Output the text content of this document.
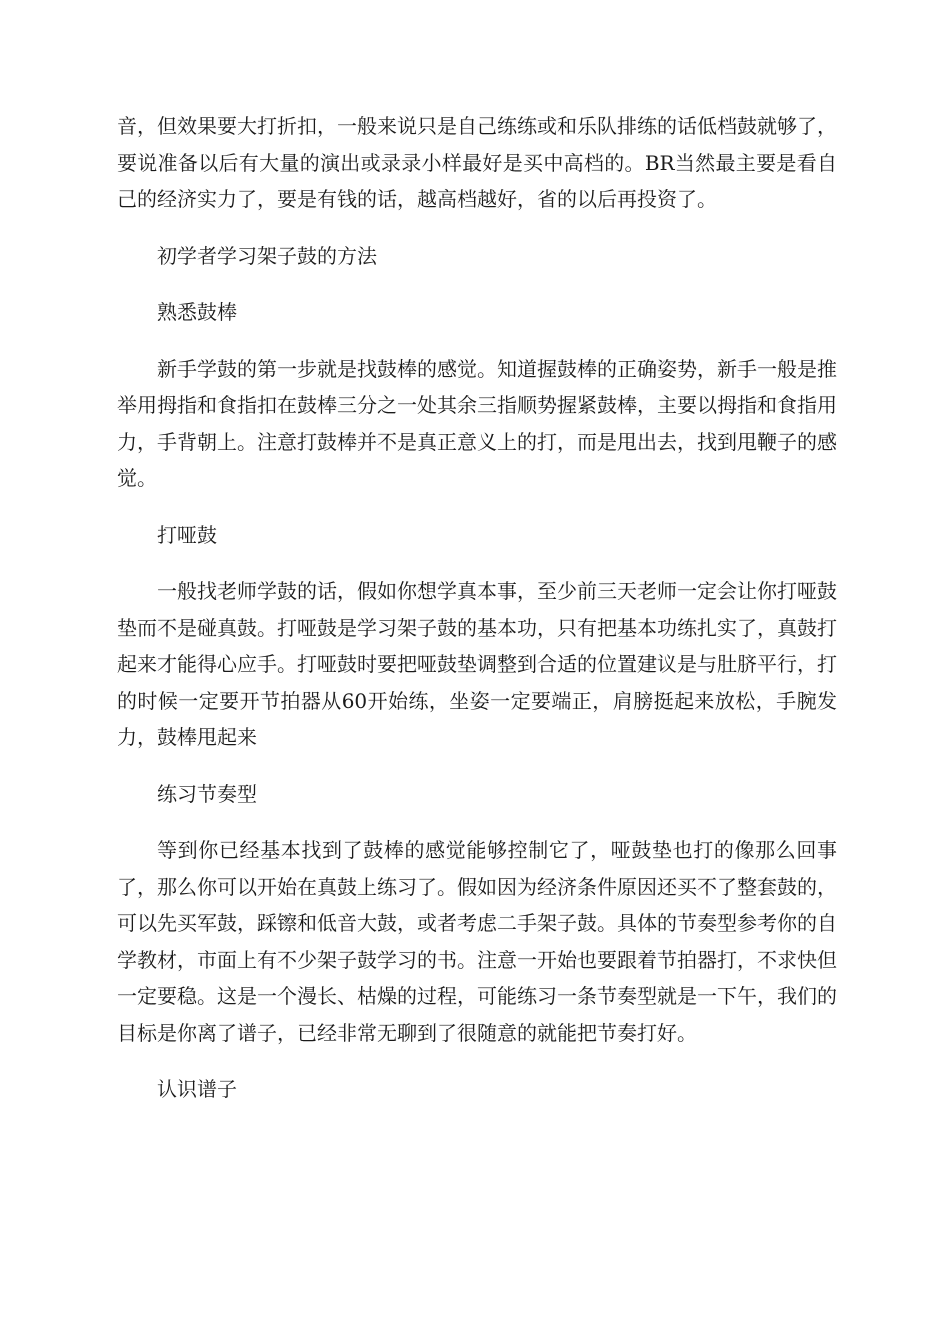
音，但效果要大打折扣，一般来说只是自己练练或和乐队排练的话低档鼓就够了，要说准备以后有大量的演出或录录小样最好是买中高档的。BR当然最主要是看自己的经济实力了，要是有钱的话，越高档越好，省的以后再投资了。

初学者学习架子鼓的方法

熟悉鼓棒

新手学鼓的第一步就是找鼓棒的感觉。知道握鼓棒的正确姿势，新手一般是推举用拇指和食指扣在鼓棒三分之一处其余三指顺势握紧鼓棒，主要以拇指和食指用力，手背朝上。注意打鼓棒并不是真正意义上的打，而是甩出去，找到甩鞭子的感觉。

打哑鼓

一般找老师学鼓的话，假如你想学真本事，至少前三天老师一定会让你打哑鼓垫而不是碰真鼓。打哑鼓是学习架子鼓的基本功，只有把基本功练扎实了，真鼓打起来才能得心应手。打哑鼓时要把哑鼓垫调整到合适的位置建议是与肚脐平行，打的时候一定要开节拍器从60开始练，坐姿一定要端正，肩膀挺起来放松，手腕发力，鼓棒甩起来

练习节奏型

等到你已经基本找到了鼓棒的感觉能够控制它了，哑鼓垫也打的像那么回事了，那么你可以开始在真鼓上练习了。假如因为经济条件原因还买不了整套鼓的，可以先买军鼓，踩镲和低音大鼓，或者考虑二手架子鼓。具体的节奏型参考你的自学教材，市面上有不少架子鼓学习的书。注意一开始也要跟着节拍器打，不求快但一定要稳。这是一个漫长、枯燥的过程，可能练习一条节奏型就是一下午，我们的目标是你离了谱子，已经非常无聊到了很随意的就能把节奏打好。

认识谱子
